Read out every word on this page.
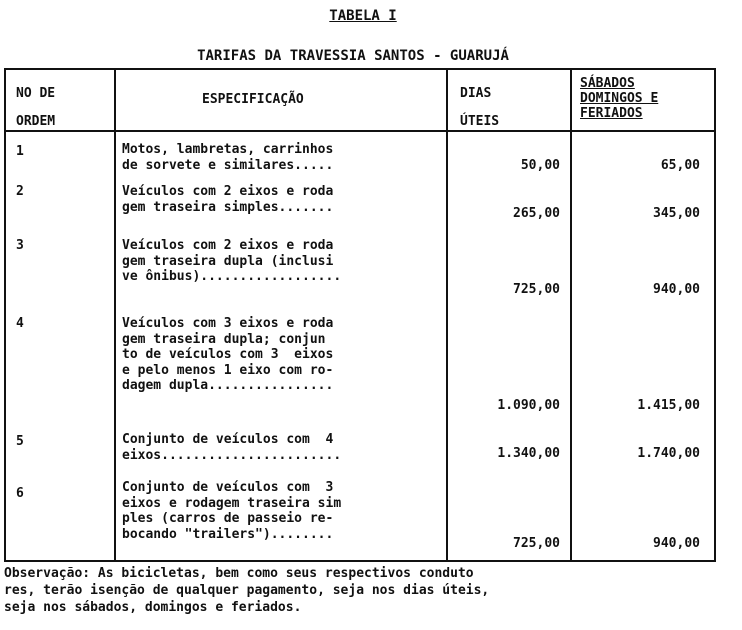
TABELA I
TARIFAS DA TRAVESSIA SANTOS - GUARUJÁ
NO DE
ORDEM
ESPECIFICAÇÃO	DIAS
ÚTEIS
SÁBADOS
DOMINGOS E
FERIADOS
1	Motos, lambretas, carrinhos
de sorvete e similares.....	50,00	65,00
2	Veículos com 2 eixos e roda
gem traseira simples.......	265,00	345,00
3	Veículos com 2 eixos e roda
gem traseira dupla (inclusi
ve ônibus)..................
725,00	940,00
4	Veículos com 3 eixos e roda
gem traseira dupla; conjun
to de veículos com 3  eixos
e pelo menos 1 eixo com ro-
dagem dupla................
1.090,00	1.415,00
5	Conjunto de veículos com  4
eixos.......................	1.340,00	1.740,00
6	Conjunto de veículos com  3
eixos e rodagem traseira sim
ples (carros de passeio re-
bocando "trailers")........
725,00	940,00
Observação: As bicicletas, bem como seus respectivos conduto
res, terão isenção de qualquer pagamento, seja nos dias úteis,
seja nos sábados, domingos e feriados.
